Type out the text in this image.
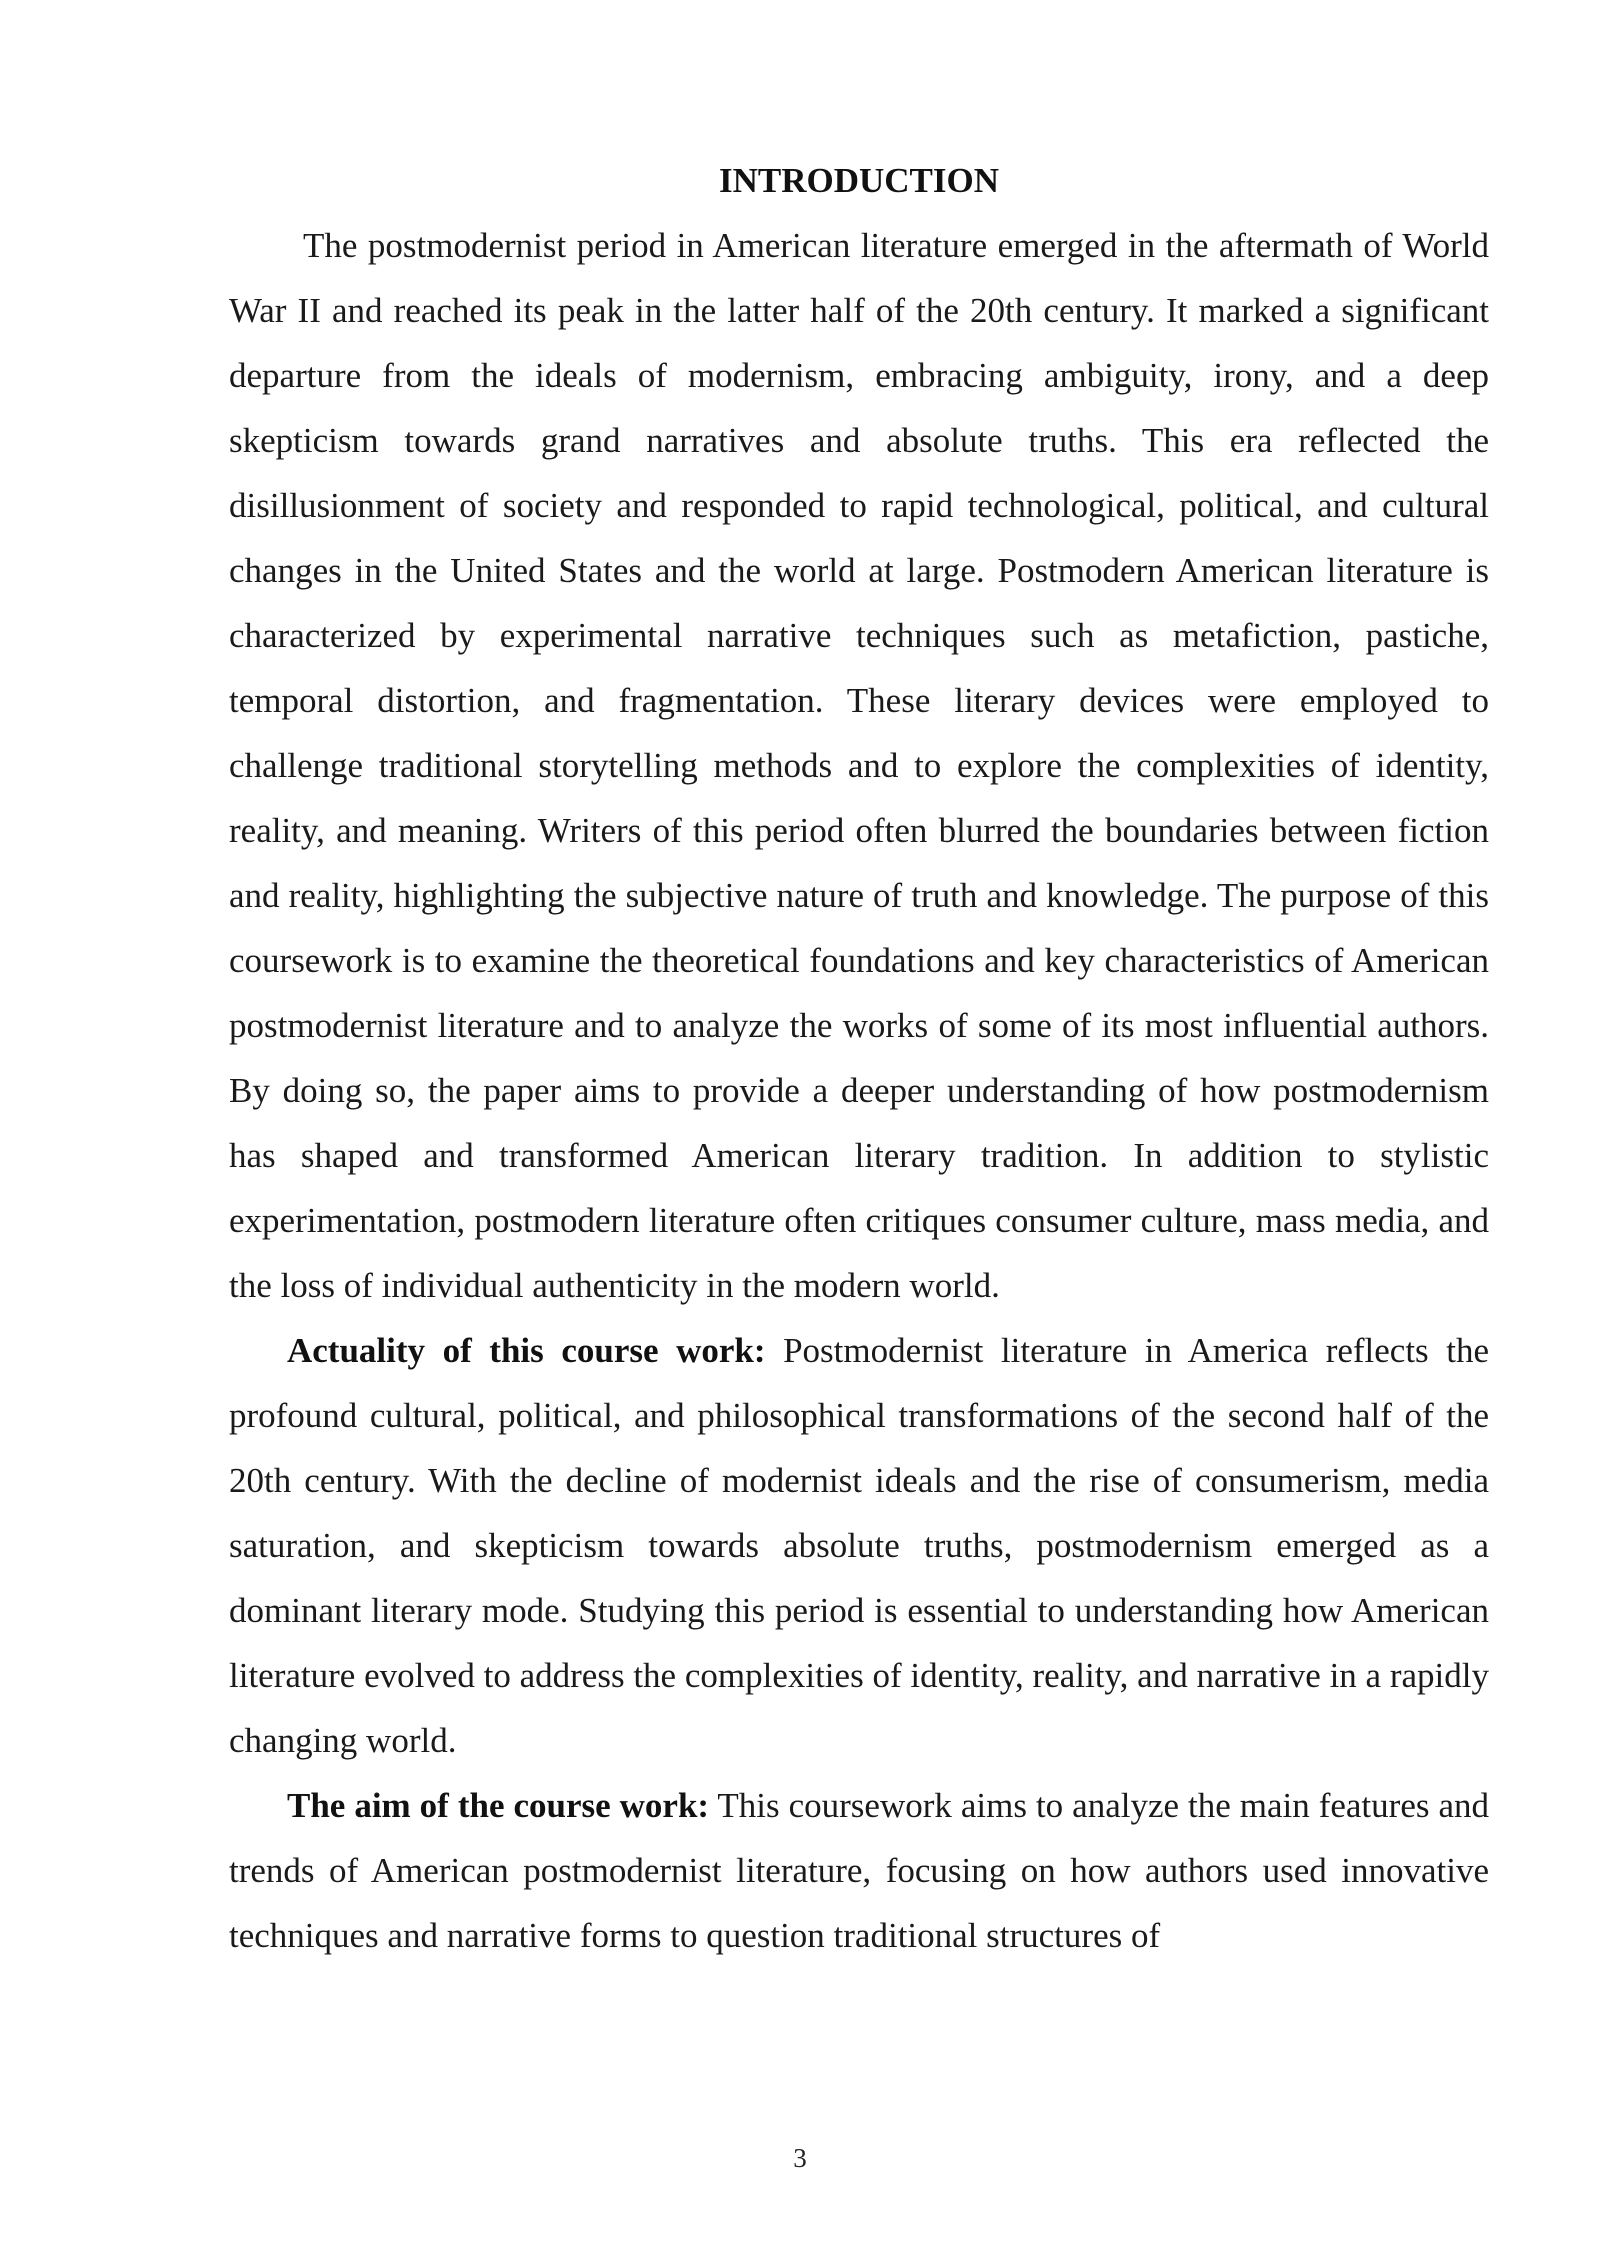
INTRODUCTION

The postmodernist period in American literature emerged in the aftermath of World War II and reached its peak in the latter half of the 20th century. It marked a significant departure from the ideals of modernism, embracing ambiguity, irony, and a deep skepticism towards grand narratives and absolute truths. This era reflected the disillusionment of society and responded to rapid technological, political, and cultural changes in the United States and the world at large. Postmodern American literature is characterized by experimental narrative techniques such as metafiction, pastiche, temporal distortion, and fragmentation. These literary devices were employed to challenge traditional storytelling methods and to explore the complexities of identity, reality, and meaning. Writers of this period often blurred the boundaries between fiction and reality, highlighting the subjective nature of truth and knowledge. The purpose of this coursework is to examine the theoretical foundations and key characteristics of American postmodernist literature and to analyze the works of some of its most influential authors. By doing so, the paper aims to provide a deeper understanding of how postmodernism has shaped and transformed American literary tradition. In addition to stylistic experimentation, postmodern literature often critiques consumer culture, mass media, and the loss of individual authenticity in the modern world.

Actuality of this course work: Postmodernist literature in America reflects the profound cultural, political, and philosophical transformations of the second half of the 20th century. With the decline of modernist ideals and the rise of consumerism, media saturation, and skepticism towards absolute truths, postmodernism emerged as a dominant literary mode. Studying this period is essential to understanding how American literature evolved to address the complexities of identity, reality, and narrative in a rapidly changing world.

The aim of the course work: This coursework aims to analyze the main features and trends of American postmodernist literature, focusing on how authors used innovative techniques and narrative forms to question traditional structures of

3
